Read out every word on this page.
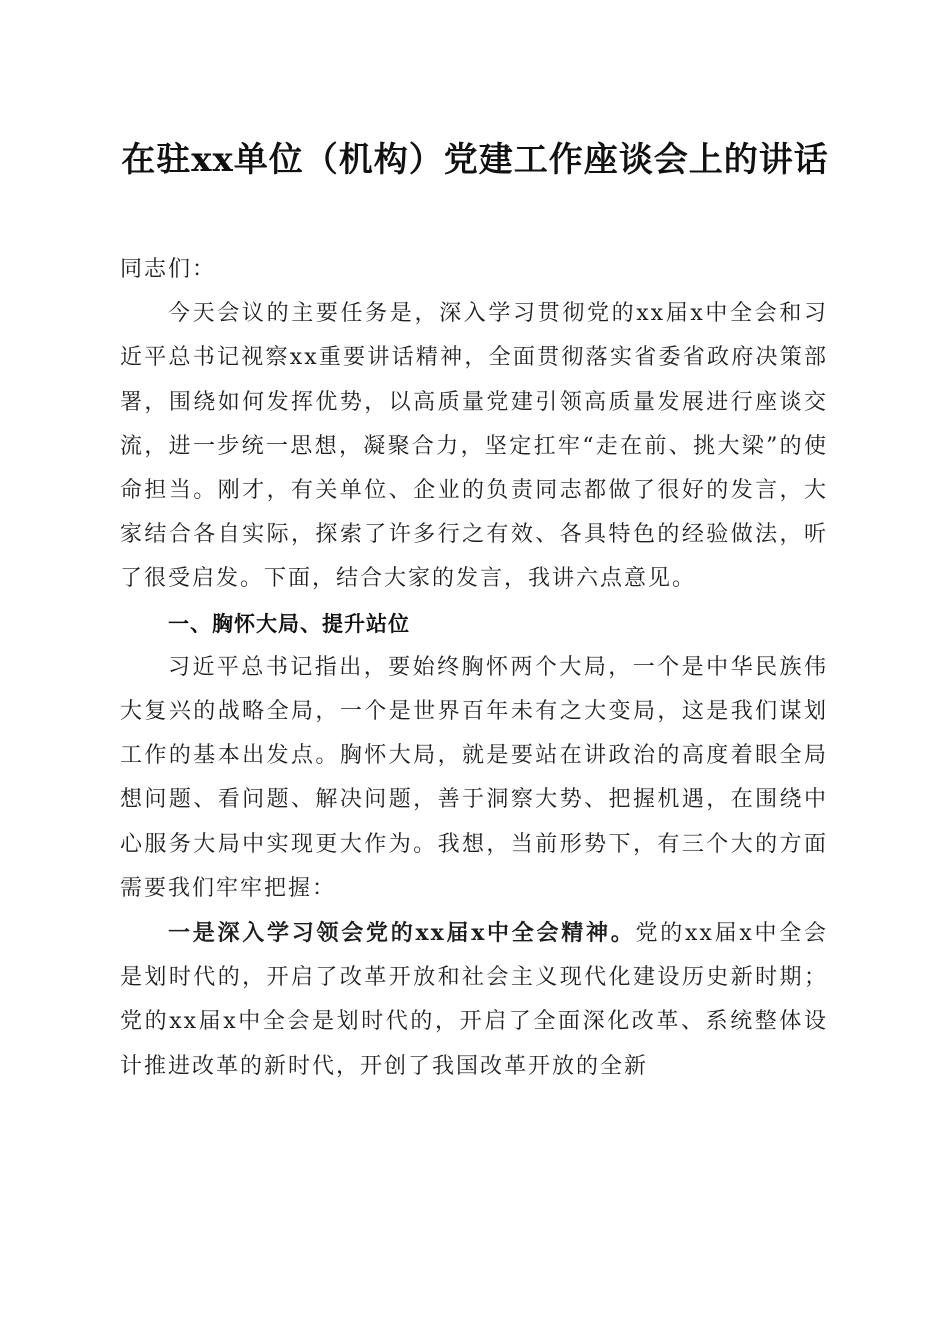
在驻xx单位（机构）党建工作座谈会上的讲话

同志们：

今天会议的主要任务是，深入学习贯彻党的xx届x中全会和习近平总书记视察xx重要讲话精神，全面贯彻落实省委省政府决策部署，围绕如何发挥优势，以高质量党建引领高质量发展进行座谈交流，进一步统一思想，凝聚合力，坚定扛牢“走在前、挑大梁”的使命担当。刚才，有关单位、企业的负责同志都做了很好的发言，大家结合各自实际，探索了许多行之有效、各具特色的经验做法，听了很受启发。下面，结合大家的发言，我讲六点意见。

一、胸怀大局、提升站位

习近平总书记指出，要始终胸怀两个大局，一个是中华民族伟大复兴的战略全局，一个是世界百年未有之大变局，这是我们谋划工作的基本出发点。胸怀大局，就是要站在讲政治的高度着眼全局想问题、看问题、解决问题，善于洞察大势、把握机遇，在围绕中心服务大局中实现更大作为。我想，当前形势下，有三个大的方面需要我们牢牢把握：

一是深入学习领会党的xx届x中全会精神。党的xx届x中全会是划时代的，开启了改革开放和社会主义现代化建设历史新时期；党的xx届x中全会是划时代的，开启了全面深化改革、系统整体设计推进改革的新时代，开创了我国改革开放的全新
